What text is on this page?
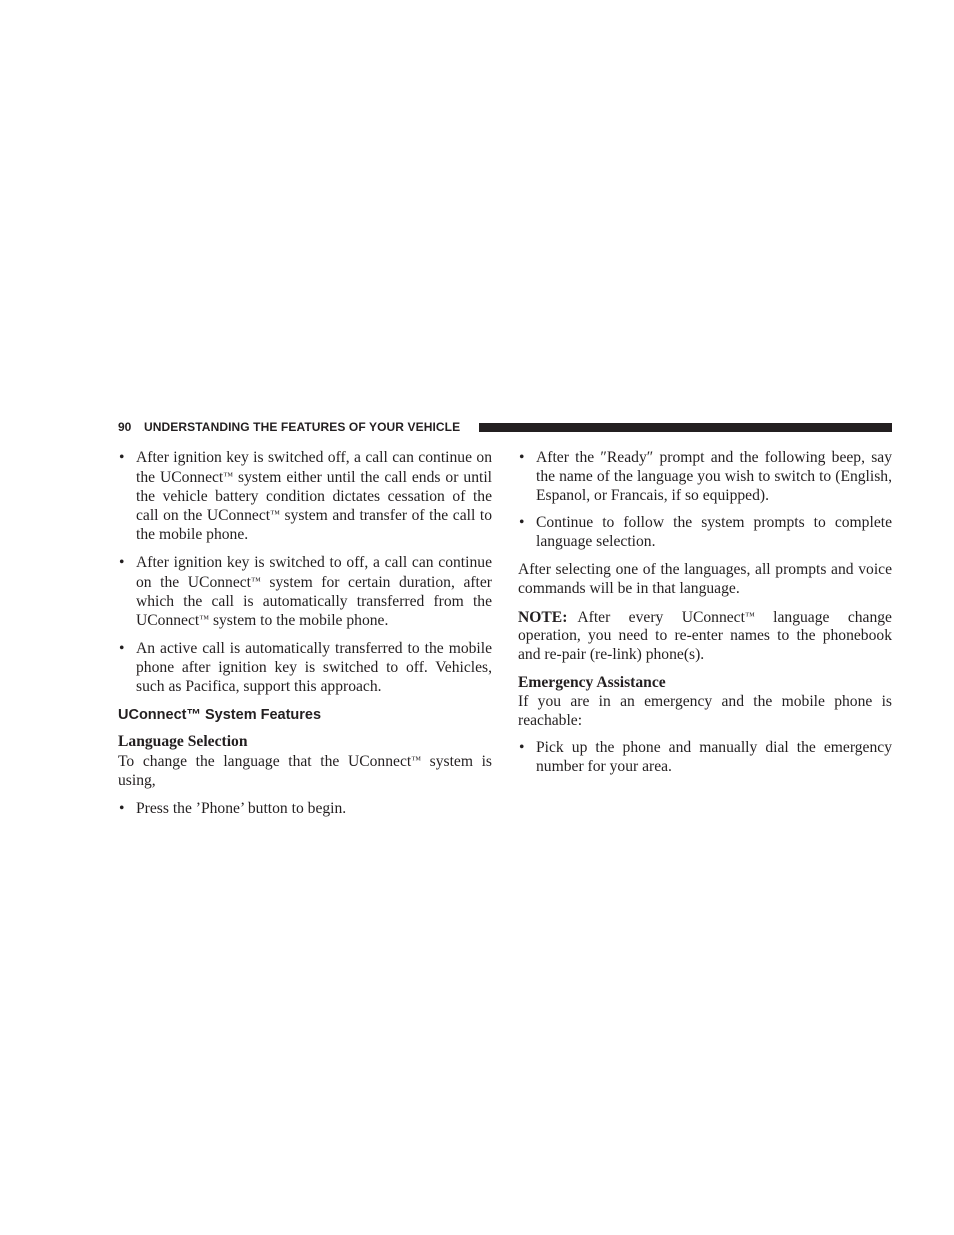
90 UNDERSTANDING THE FEATURES OF YOUR VEHICLE
• After ignition key is switched off, a call can continue on the UConnect™ system either until the call ends or until the vehicle battery condition dictates cessation of the call on the UConnect™ system and transfer of the call to the mobile phone.
• After ignition key is switched to off, a call can continue on the UConnect™ system for certain duration, after which the call is automatically transferred from the UConnect™ system to the mobile phone.
• An active call is automatically transferred to the mobile phone after ignition key is switched to off. Vehicles, such as Pacifica, support this approach.
UConnect™ System Features
Language Selection
To change the language that the UConnect™ system is using,
• Press the ’Phone’ button to begin.
• After the ″Ready″ prompt and the following beep, say the name of the language you wish to switch to (English, Espanol, or Francais, if so equipped).
• Continue to follow the system prompts to complete language selection.
After selecting one of the languages, all prompts and voice commands will be in that language.
NOTE: After every UConnect™ language change operation, you need to re-enter names to the phonebook and re-pair (re-link) phone(s).
Emergency Assistance
If you are in an emergency and the mobile phone is reachable:
• Pick up the phone and manually dial the emergency number for your area.
